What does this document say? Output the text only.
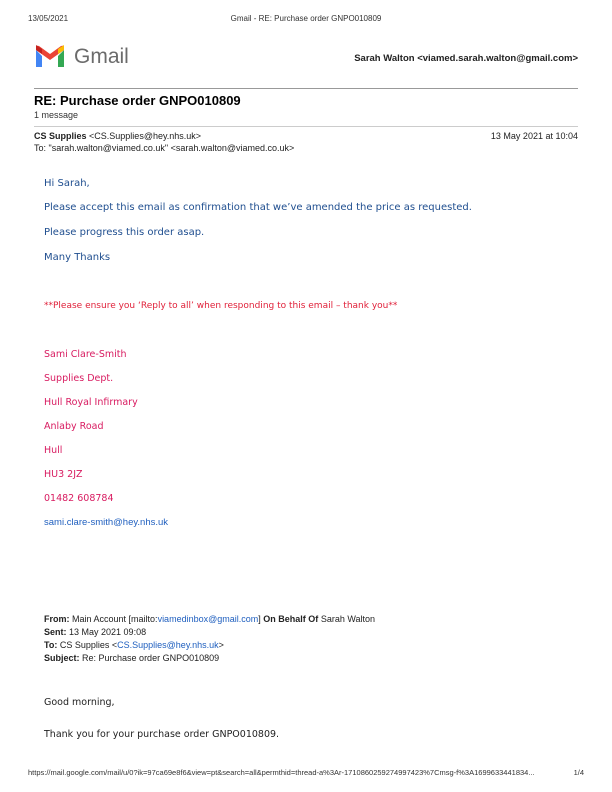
13/05/2021	Gmail - RE: Purchase order GNPO010809
Gmail	Sarah Walton <viamed.sarah.walton@gmail.com>
RE: Purchase order GNPO010809
1 message
CS Supplies <CS.Supplies@hey.nhs.uk>	13 May 2021 at 10:04
To: "sarah.walton@viamed.co.uk" <sarah.walton@viamed.co.uk>
Hi Sarah,
Please accept this email as confirmation that we’ve amended the price as requested.
Please progress this order asap.
Many Thanks
**Please ensure you ‘Reply to all’ when responding to this email – thank you**
Sami Clare-Smith
Supplies Dept.
Hull Royal Infirmary
Anlaby Road
Hull
HU3 2JZ
01482 608784
sami.clare-smith@hey.nhs.uk
From: Main Account [mailto:viamedinbox@gmail.com] On Behalf Of Sarah Walton
Sent: 13 May 2021 09:08
To: CS Supplies <CS.Supplies@hey.nhs.uk>
Subject: Re: Purchase order GNPO010809
Good morning,
Thank you for your purchase order GNPO010809.
https://mail.google.com/mail/u/0?ik=97ca69e8f6&view=pt&search=all&permthid=thread-a%3Ar-1710860259274997423%7Cmsg-f%3A1699633441834...	1/4
